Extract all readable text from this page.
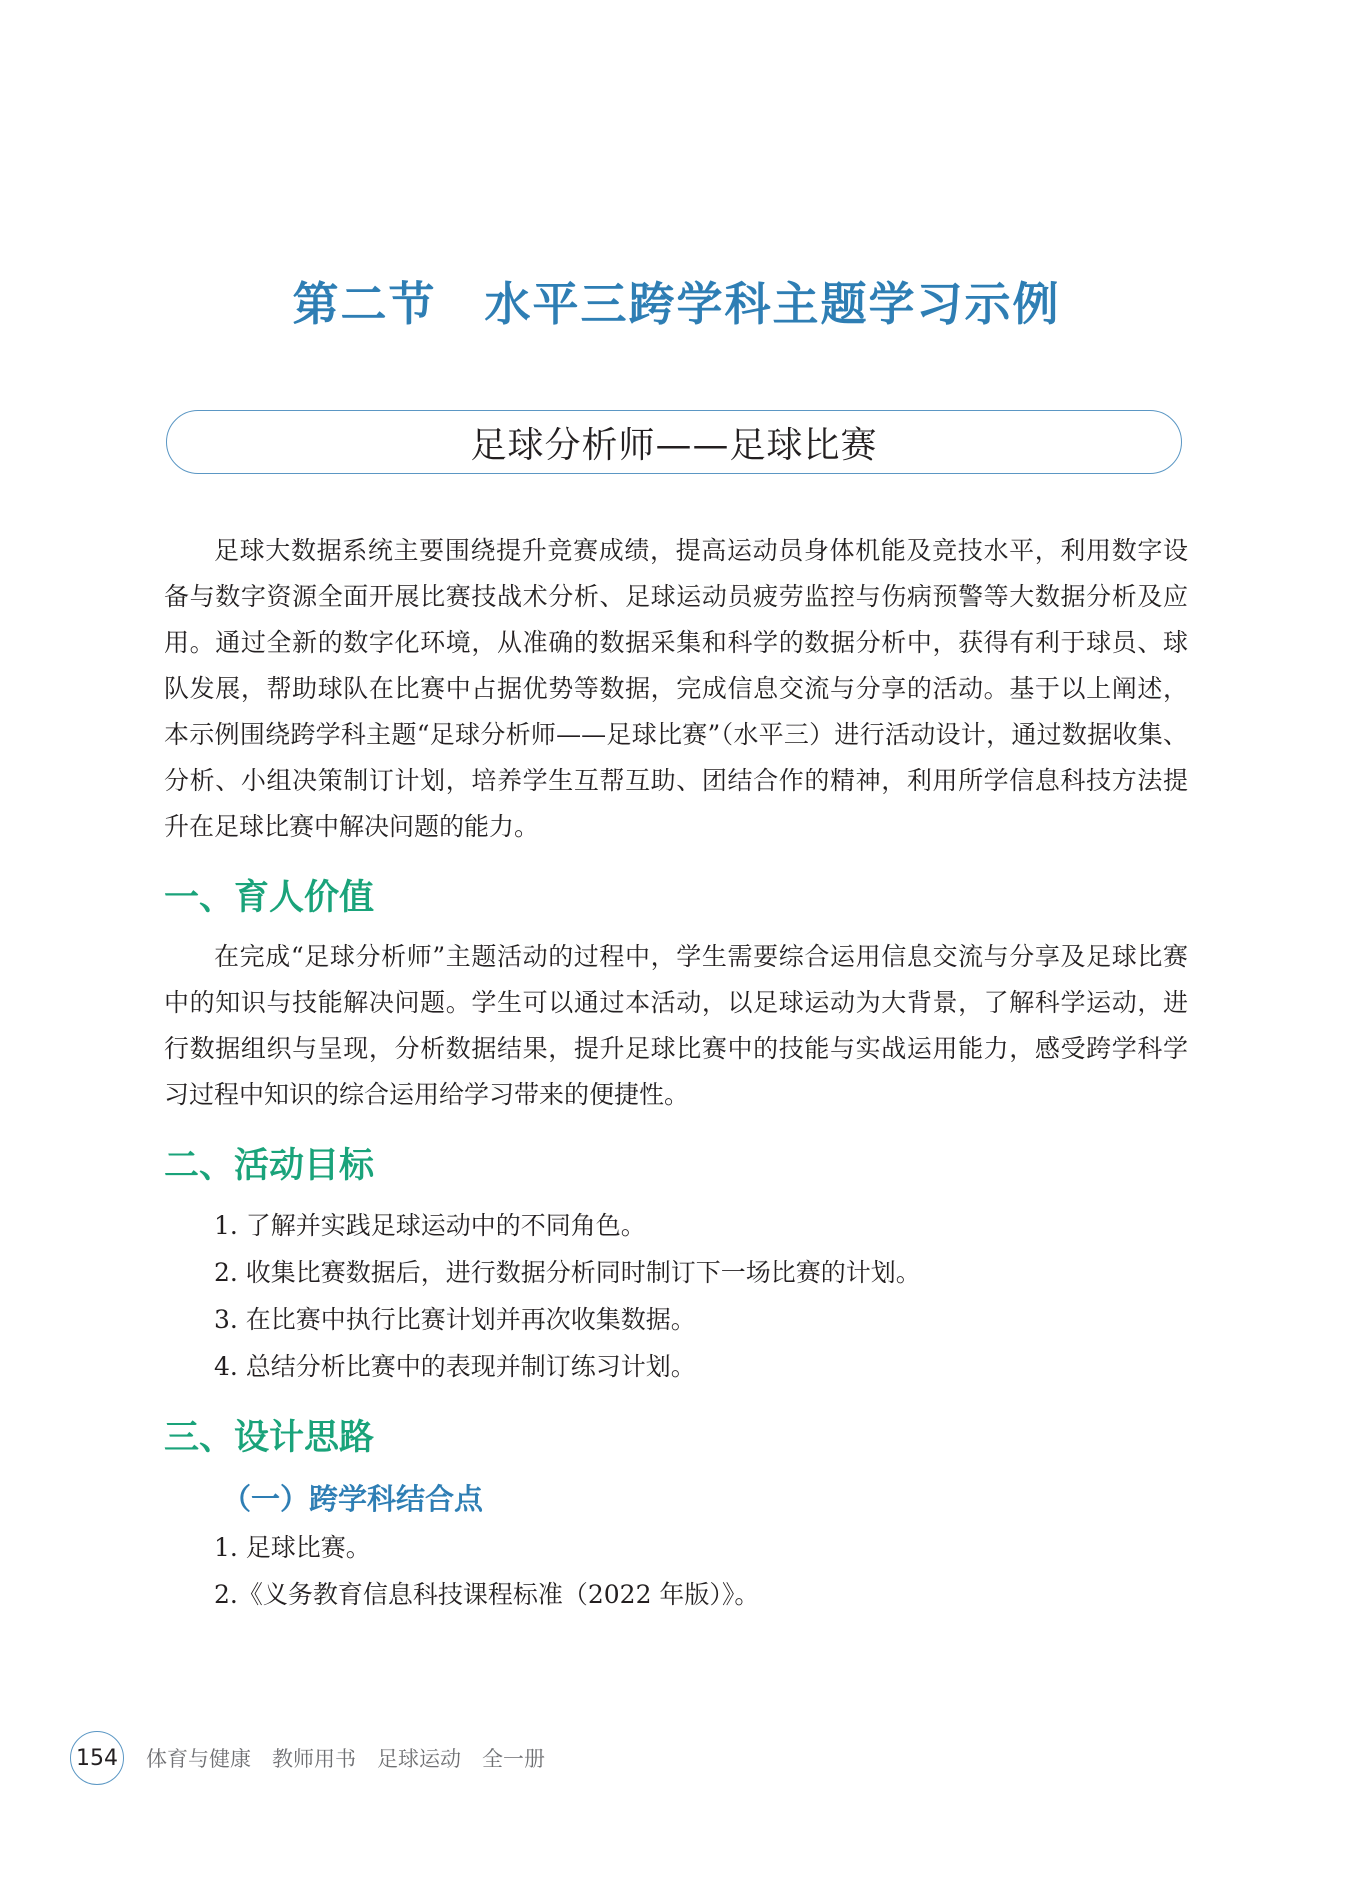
第二节　水平三跨学科主题学习示例
足球分析师——足球比赛

足球大数据系统主要围绕提升竞赛成绩，提高运动员身体机能及竞技水平，利用数字设备与数字资源全面开展比赛技战术分析、足球运动员疲劳监控与伤病预警等大数据分析及应用。通过全新的数字化环境，从准确的数据采集和科学的数据分析中，获得有利于球员、球队发展，帮助球队在比赛中占据优势等数据，完成信息交流与分享的活动。基于以上阐述，本示例围绕跨学科主题“足球分析师——足球比赛”（水平三）进行活动设计，通过数据收集、分析、小组决策制订计划，培养学生互帮互助、团结合作的精神，利用所学信息科技方法提升在足球比赛中解决问题的能力。

一、育人价值

在完成“足球分析师”主题活动的过程中，学生需要综合运用信息交流与分享及足球比赛中的知识与技能解决问题。学生可以通过本活动，以足球运动为大背景，了解科学运动，进行数据组织与呈现，分析数据结果，提升足球比赛中的技能与实战运用能力，感受跨学科学习过程中知识的综合运用给学习带来的便捷性。

二、活动目标

1. 了解并实践足球运动中的不同角色。

2. 收集比赛数据后，进行数据分析同时制订下一场比赛的计划。

3. 在比赛中执行比赛计划并再次收集数据。

4. 总结分析比赛中的表现并制订练习计划。

三、设计思路
（一）跨学科结合点

1. 足球比赛。

2.《义务教育信息科技课程标准（2022 年版）》。

154 体育与健康　教师用书　足球运动　全一册
